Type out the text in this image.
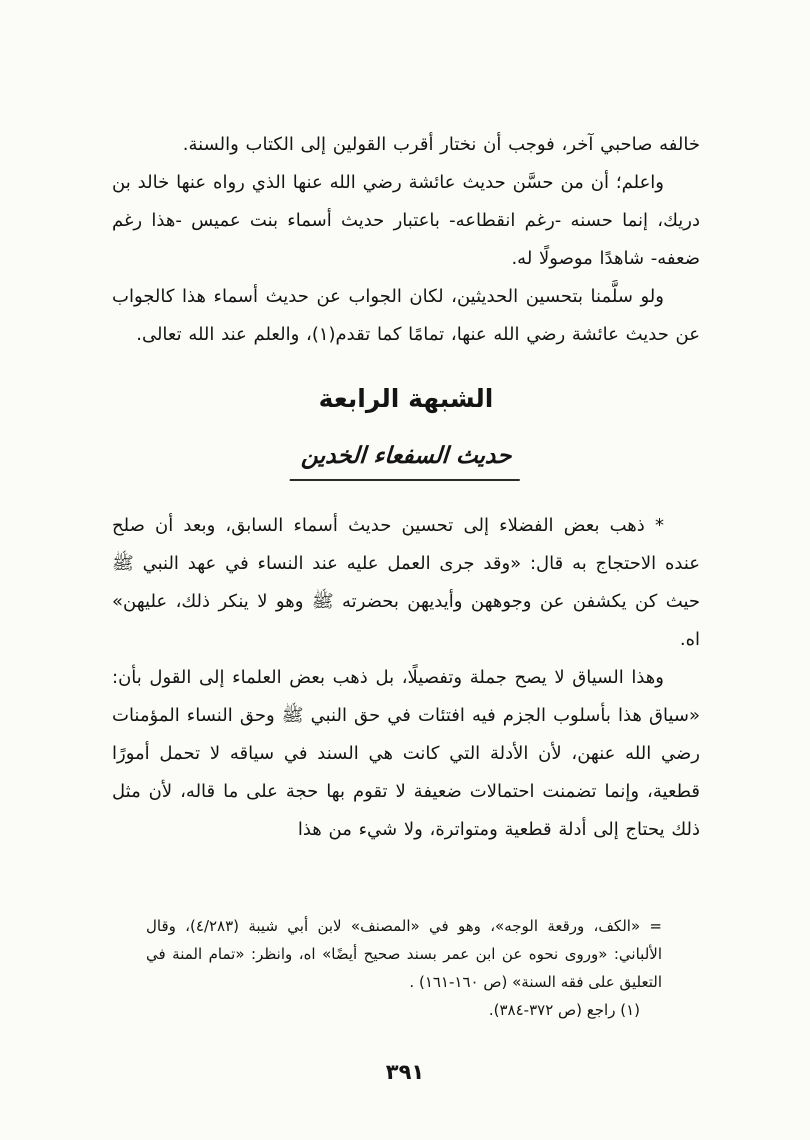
خالفه صاحبي آخر، فوجب أن نختار أقرب القولين إلى الكتاب والسنة.

واعلم؛ أن من حسَّن حديث عائشة رضي الله عنها الذي رواه عنها خالد بن دريك، إنما حسنه -رغم انقطاعه- باعتبار حديث أسماء بنت عميس -هذا رغم ضعفه- شاهدًا موصولًا له.

ولو سلَّمنا بتحسين الحديثين، لكان الجواب عن حديث أسماء هذا كالجواب عن حديث عائشة رضي الله عنها، تمامًا كما تقدم(١)، والعلم عند الله تعالى.

الشبهة الرابعة
حديث السفعاء الخدين

* ذهب بعض الفضلاء إلى تحسين حديث أسماء السابق، وبعد أن صلح عنده الاحتجاج به قال: «وقد جرى العمل عليه عند النساء في عهد النبي ﷺ حيث كن يكشفن عن وجوههن وأيديهن بحضرته ﷺ وهو لا ينكر ذلك، عليهن» اه.

وهذا السياق لا يصح جملة وتفصيلًا، بل ذهب بعض العلماء إلى القول بأن: «سياق هذا بأسلوب الجزم فيه افتئات في حق النبي ﷺ وحق النساء المؤمنات رضي الله عنهن، لأن الأدلة التي كانت هي السند في سياقه لا تحمل أمورًا قطعية، وإنما تضمنت احتمالات ضعيفة لا تقوم بها حجة على ما قاله، لأن مثل ذلك يحتاج إلى أدلة قطعية ومتواترة، ولا شيء من هذا

= «الكف، ورقعة الوجه»، وهو في «المصنف» لابن أبي شيبة (٤/٢٨٣)، وقال الألباني: «وروى نحوه عن ابن عمر بسند صحيح أيضًا» اه، وانظر: «تمام المنة في التعليق على فقه السنة» (ص ١٦٠-١٦١) .

(١) راجع (ص ٣٧٢-٣٨٤).

٣٩١
